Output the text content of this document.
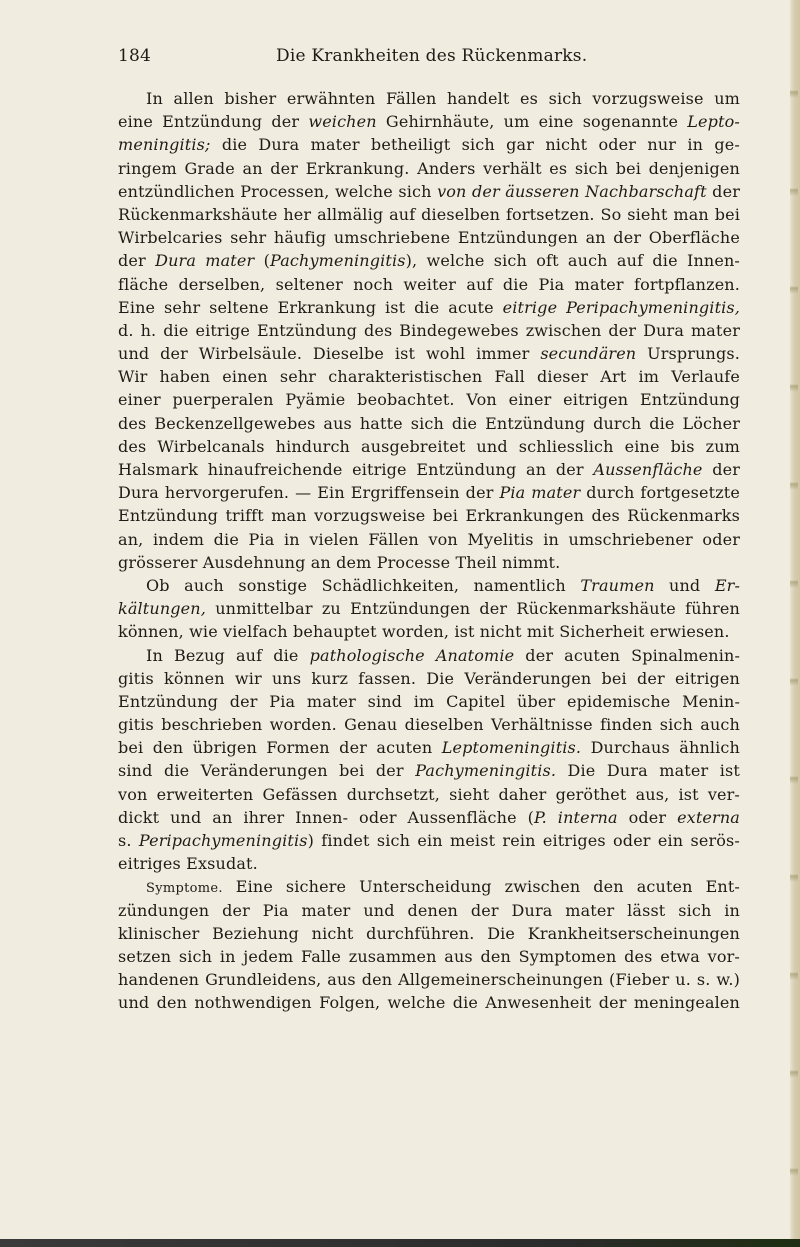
184	Die Krankheiten des Rückenmarks.
In allen bisher erwähnten Fällen handelt es sich vorzugsweise um
eine Entzündung der weichen Gehirnhäute, um eine sogenannte Lepto-
meningitis; die Dura mater betheiligt sich gar nicht oder nur in ge-
ringem Grade an der Erkrankung. Anders verhält es sich bei denjenigen
entzündlichen Processen, welche sich von der äusseren Nachbarschaft der
Rückenmarkshäute her allmälig auf dieselben fortsetzen. So sieht man bei
Wirbelcaries sehr häufig umschriebene Entzündungen an der Oberfläche
der Dura mater (Pachymeningitis), welche sich oft auch auf die Innen-
fläche derselben, seltener noch weiter auf die Pia mater fortpflanzen.
Eine sehr seltene Erkrankung ist die acute eitrige Peripachymeningitis,
d. h. die eitrige Entzündung des Bindegewebes zwischen der Dura mater
und der Wirbelsäule. Dieselbe ist wohl immer secundären Ursprungs.
Wir haben einen sehr charakteristischen Fall dieser Art im Verlaufe
einer puerperalen Pyämie beobachtet. Von einer eitrigen Entzündung
des Beckenzellgewebes aus hatte sich die Entzündung durch die Löcher
des Wirbelcanals hindurch ausgebreitet und schliesslich eine bis zum
Halsmark hinaufreichende eitrige Entzündung an der Aussenfläche der
Dura hervorgerufen. — Ein Ergriffensein der Pia mater durch fortgesetzte
Entzündung trifft man vorzugsweise bei Erkrankungen des Rückenmarks
an, indem die Pia in vielen Fällen von Myelitis in umschriebener oder
grösserer Ausdehnung an dem Processe Theil nimmt.
Ob auch sonstige Schädlichkeiten, namentlich Traumen und Er-
kältungen, unmittelbar zu Entzündungen der Rückenmarkshäute führen
können, wie vielfach behauptet worden, ist nicht mit Sicherheit erwiesen.
In Bezug auf die pathologische Anatomie der acuten Spinalmenin-
gitis können wir uns kurz fassen. Die Veränderungen bei der eitrigen
Entzündung der Pia mater sind im Capitel über epidemische Menin-
gitis beschrieben worden. Genau dieselben Verhältnisse finden sich auch
bei den übrigen Formen der acuten Leptomeningitis. Durchaus ähnlich
sind die Veränderungen bei der Pachymeningitis. Die Dura mater ist
von erweiterten Gefässen durchsetzt, sieht daher geröthet aus, ist ver-
dickt und an ihrer Innen- oder Aussenfläche (P. interna oder externa
s. Peripachymeningitis) findet sich ein meist rein eitriges oder ein serös-
eitriges Exsudat.
Symptome. Eine sichere Unterscheidung zwischen den acuten Ent-
zündungen der Pia mater und denen der Dura mater lässt sich in
klinischer Beziehung nicht durchführen. Die Krankheitserscheinungen
setzen sich in jedem Falle zusammen aus den Symptomen des etwa vor-
handenen Grundleidens, aus den Allgemeinerscheinungen (Fieber u. s. w.)
und den nothwendigen Folgen, welche die Anwesenheit der meningealen
